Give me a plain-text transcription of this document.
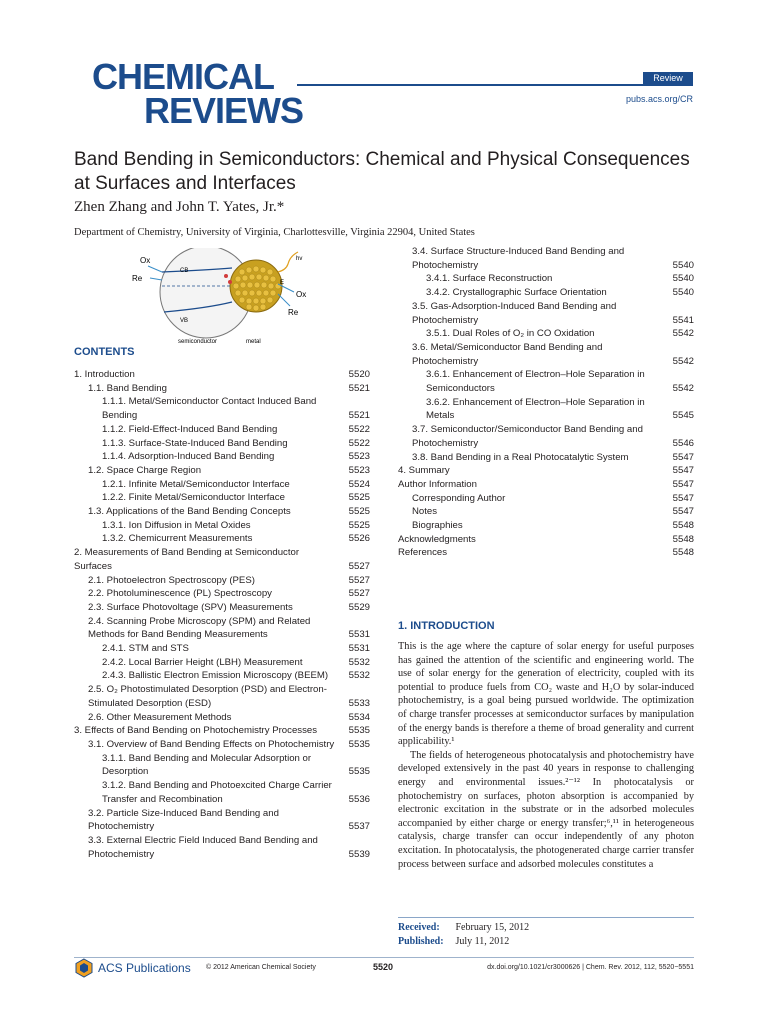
CHEMICAL
REVIEWS
Review
pubs.acs.org/CR
Band Bending in Semiconductors: Chemical and Physical Consequences at Surfaces and Interfaces
Zhen Zhang and John T. Yates, Jr.*
Department of Chemistry, University of Virginia, Charlottesville, Virginia 22904, United States
Ox
Re
CB
VB
hv
E
Ox
Re
semiconductor	metal
CONTENTS
1. Introduction	5520
1.1. Band Bending	5521
1.1.1. Metal/Semiconductor Contact Induced Band Bending	5521
1.1.2. Field-Effect-Induced Band Bending	5522
1.1.3. Surface-State-Induced Band Bending	5522
1.1.4. Adsorption-Induced Band Bending	5523
1.2. Space Charge Region	5523
1.2.1. Infinite Metal/Semiconductor Interface	5524
1.2.2. Finite Metal/Semiconductor Interface	5525
1.3. Applications of the Band Bending Concepts	5525
1.3.1. Ion Diffusion in Metal Oxides	5525
1.3.2. Chemicurrent Measurements	5526
2. Measurements of Band Bending at Semiconductor Surfaces	5527
2.1. Photoelectron Spectroscopy (PES)	5527
2.2. Photoluminescence (PL) Spectroscopy	5527
2.3. Surface Photovoltage (SPV) Measurements	5529
2.4. Scanning Probe Microscopy (SPM) and Related Methods for Band Bending Measurements	5531
2.4.1. STM and STS	5531
2.4.2. Local Barrier Height (LBH) Measurement	5532
2.4.3. Ballistic Electron Emission Microscopy (BEEM)	5532
2.5. O₂ Photostimulated Desorption (PSD) and Electron-Stimulated Desorption (ESD)	5533
2.6. Other Measurement Methods	5534
3. Effects of Band Bending on Photochemistry Processes	5535
3.1. Overview of Band Bending Effects on Photochemistry	5535
3.1.1. Band Bending and Molecular Adsorption or Desorption	5535
3.1.2. Band Bending and Photoexcited Charge Carrier Transfer and Recombination	5536
3.2. Particle Size-Induced Band Bending and Photochemistry	5537
3.3. External Electric Field Induced Band Bending and Photochemistry	5539
3.4. Surface Structure-Induced Band Bending and Photochemistry	5540
3.4.1. Surface Reconstruction	5540
3.4.2. Crystallographic Surface Orientation	5540
3.5. Gas-Adsorption-Induced Band Bending and Photochemistry	5541
3.5.1. Dual Roles of O₂ in CO Oxidation	5542
3.6. Metal/Semiconductor Band Bending and Photochemistry	5542
3.6.1. Enhancement of Electron–Hole Separation in Semiconductors	5542
3.6.2. Enhancement of Electron–Hole Separation in Metals	5545
3.7. Semiconductor/Semiconductor Band Bending and Photochemistry	5546
3.8. Band Bending in a Real Photocatalytic System	5547
4. Summary	5547
Author Information	5547
Corresponding Author	5547
Notes	5547
Biographies	5548
Acknowledgments	5548
References	5548
1. INTRODUCTION

This is the age where the capture of solar energy for useful purposes has gained the attention of the scientific and engineering world. The use of solar energy for the generation of electricity, coupled with its potential to produce fuels from CO₂ waste and H₂O by solar-induced photochemistry, is a goal being pursued worldwide. The optimization of charge transfer processes at semiconductor surfaces by manipulation of the energy bands is therefore a theme of broad generality and current applicability.¹

The fields of heterogeneous photocatalysis and photochemistry have developed extensively in the past 40 years in response to challenging energy and environmental issues.²⁻¹² In photocatalysis or photochemistry on surfaces, photon absorption is accompanied by electronic excitation in the substrate or in the adsorbed molecules accompanied by either charge or energy transfer;⁶,¹¹ in heterogeneous catalysis, charge transfer can occur independently of any photon excitation. In photocatalysis, the photogenerated charge carrier transfer process between surface and adsorbed molecules constitutes a

Received: February 15, 2012
Published: July 11, 2012
ACS Publications © 2012 American Chemical Society	5520	dx.doi.org/10.1021/cr3000626 | Chem. Rev. 2012, 112, 5520−5551
